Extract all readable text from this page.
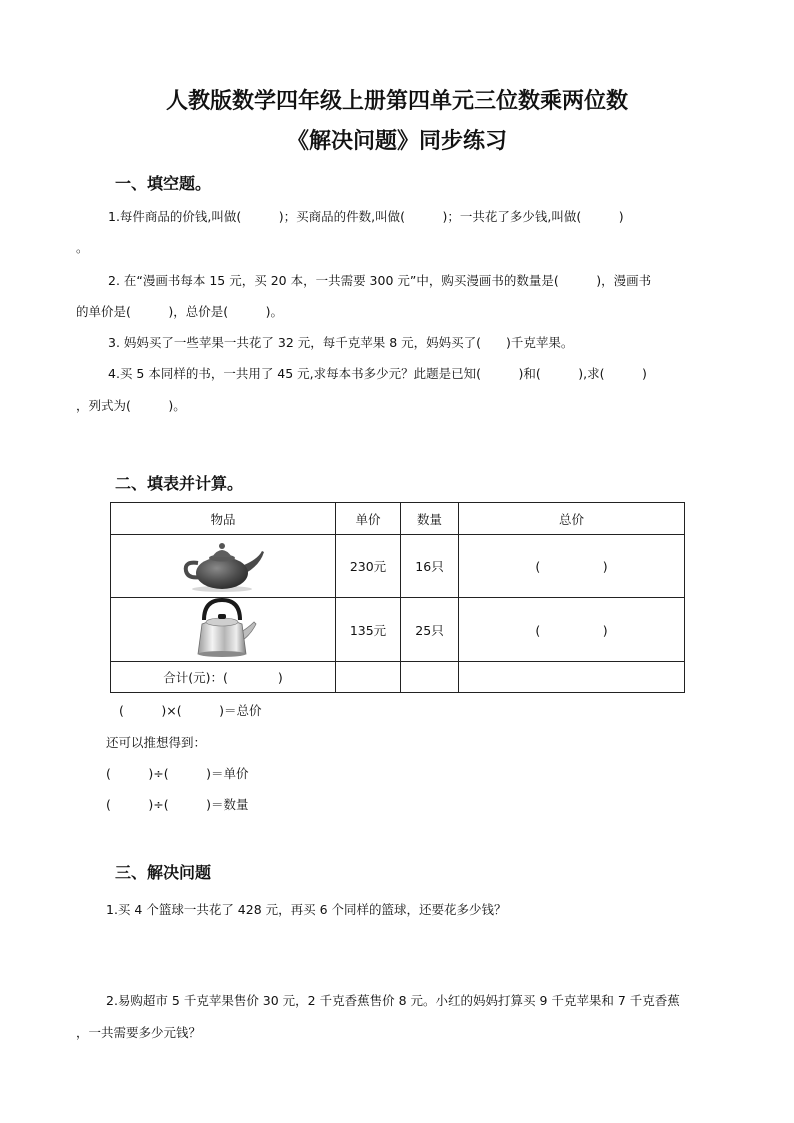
人教版数学四年级上册第四单元三位数乘两位数
《解决问题》同步练习
一、填空题。
1.每件商品的价钱,叫做(　　　)；买商品的件数,叫做(　　　)；一共花了多少钱,叫做(　　　)
。
2. 在“漫画书每本 15 元，买 20 本，一共需要 300 元”中，购买漫画书的数量是(　　　)，漫画书
的单价是(　　　)，总价是(　　　)。
3. 妈妈买了一些苹果一共花了 32 元，每千克苹果 8 元，妈妈买了(　　)千克苹果。
4.买 5 本同样的书，一共用了 45 元,求每本书多少元？此题是已知(　　　)和(　　　),求(　　　)
，列式为(　　　)。
二、填表并计算。
物品	单价	数量	总价
	230元	16只	(　　　　　)
	135元	25只	(　　　　　)
合计(元)：(　　　　)			
(　　　)×(　　　)＝总价
还可以推想得到：
(　　　)÷(　　　)＝单价
(　　　)÷(　　　)＝数量
三、解决问题
1.买 4 个篮球一共花了 428 元，再买 6 个同样的篮球，还要花多少钱？
2.易购超市 5 千克苹果售价 30 元，2 千克香蕉售价 8 元。小红的妈妈打算买 9 千克苹果和 7 千克香蕉
，一共需要多少元钱？
